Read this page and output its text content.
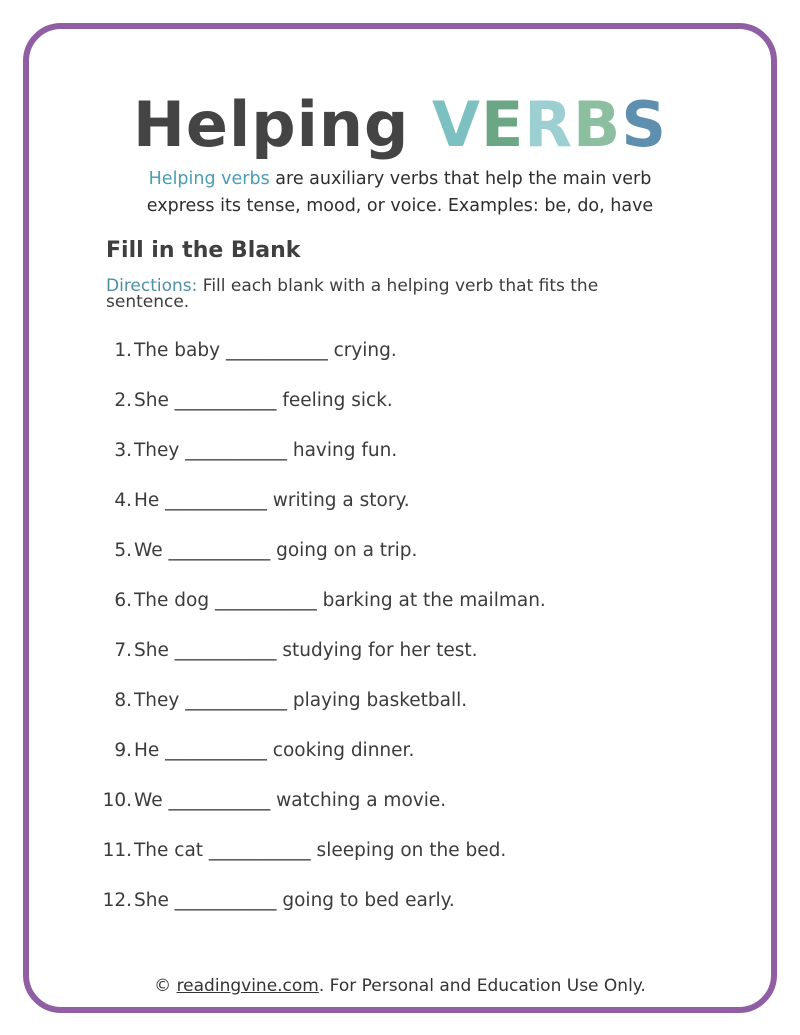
Helping VERBS
Helping verbs are auxiliary verbs that help the main verb
express its tense, mood, or voice. Examples: be, do, have
Fill in the Blank
Directions: Fill each blank with a helping verb that fits the sentence.
1. The baby ___________ crying.
2. She ___________ feeling sick.
3. They ___________ having fun.
4. He ___________ writing a story.
5. We ___________ going on a trip.
6. The dog ___________ barking at the mailman.
7. She ___________ studying for her test.
8. They ___________ playing basketball.
9. He ___________ cooking dinner.
10. We ___________ watching a movie.
11. The cat ___________ sleeping on the bed.
12. She ___________ going to bed early.
© readingvine.com. For Personal and Education Use Only.
